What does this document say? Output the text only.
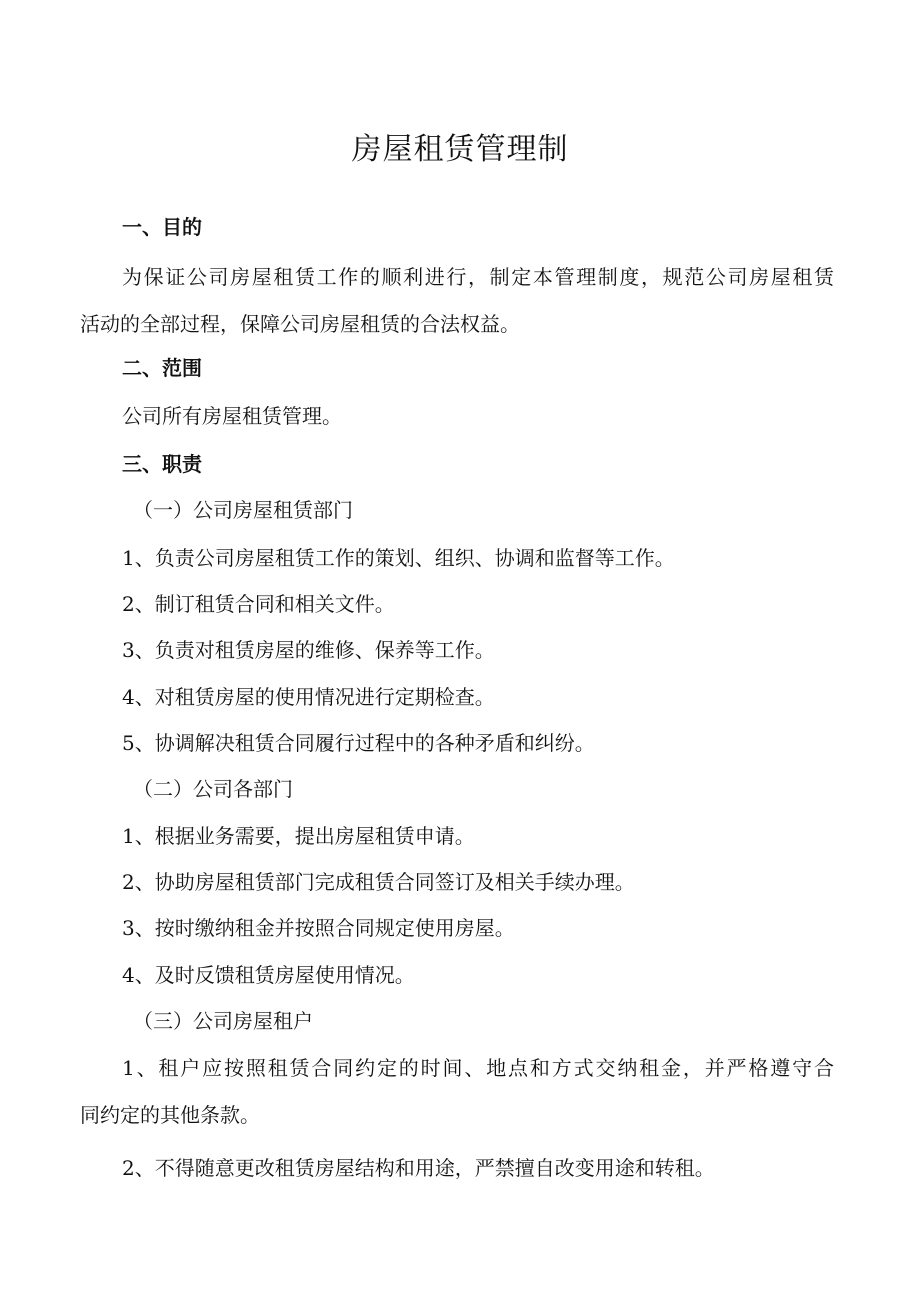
房屋租赁管理制
一、目的
为保证公司房屋租赁工作的顺利进行，制定本管理制度，规范公司房屋租赁
活动的全部过程，保障公司房屋租赁的合法权益。
二、范围
公司所有房屋租赁管理。
三、职责
（一）公司房屋租赁部门
1、负责公司房屋租赁工作的策划、组织、协调和监督等工作。
2、制订租赁合同和相关文件。
3、负责对租赁房屋的维修、保养等工作。
4、对租赁房屋的使用情况进行定期检查。
5、协调解决租赁合同履行过程中的各种矛盾和纠纷。
（二）公司各部门
1、根据业务需要，提出房屋租赁申请。
2、协助房屋租赁部门完成租赁合同签订及相关手续办理。
3、按时缴纳租金并按照合同规定使用房屋。
4、及时反馈租赁房屋使用情况。
（三）公司房屋租户
1、租户应按照租赁合同约定的时间、地点和方式交纳租金，并严格遵守合
同约定的其他条款。
2、不得随意更改租赁房屋结构和用途，严禁擅自改变用途和转租。
